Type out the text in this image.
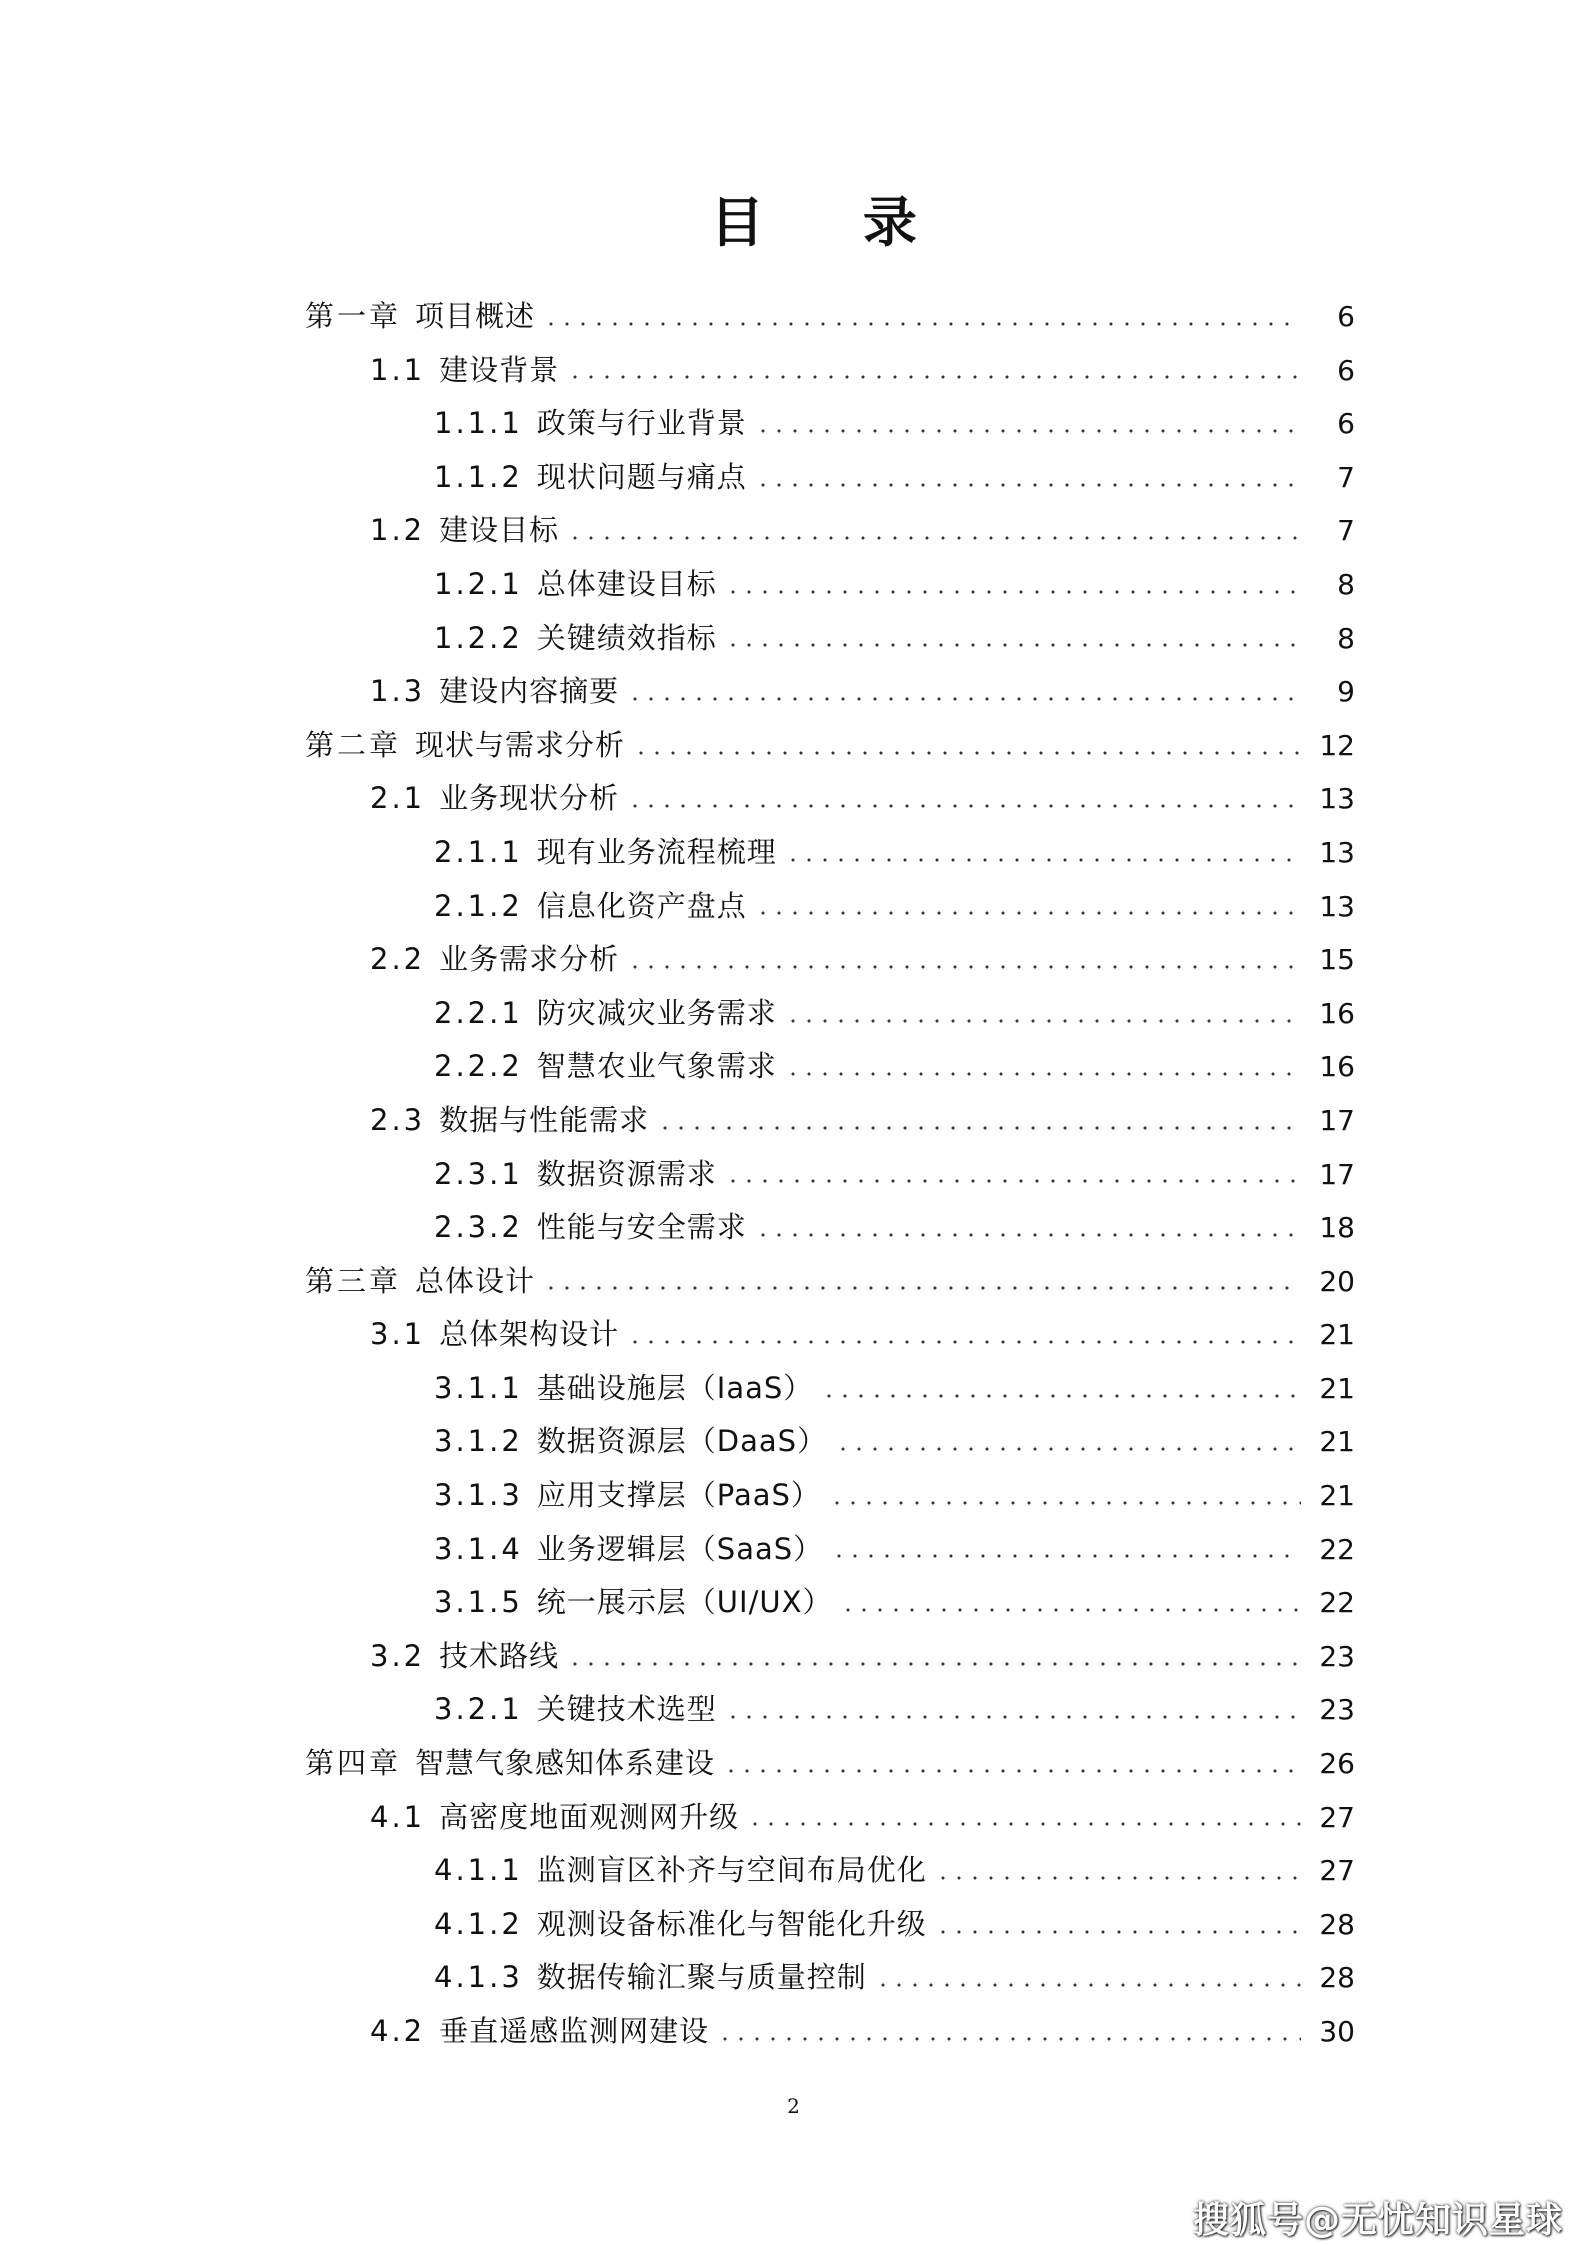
目 录
第一章 项目概述	6
1.1 建设背景	6
1.1.1 政策与行业背景	6
1.1.2 现状问题与痛点	7
1.2 建设目标	7
1.2.1 总体建设目标	8
1.2.2 关键绩效指标	8
1.3 建设内容摘要	9
第二章 现状与需求分析	12
2.1 业务现状分析	13
2.1.1 现有业务流程梳理	13
2.1.2 信息化资产盘点	13
2.2 业务需求分析	15
2.2.1 防灾减灾业务需求	16
2.2.2 智慧农业气象需求	16
2.3 数据与性能需求	17
2.3.1 数据资源需求	17
2.3.2 性能与安全需求	18
第三章 总体设计	20
3.1 总体架构设计	21
3.1.1 基础设施层（IaaS）	21
3.1.2 数据资源层（DaaS）	21
3.1.3 应用支撑层（PaaS）	21
3.1.4 业务逻辑层（SaaS）	22
3.1.5 统一展示层（UI/UX）	22
3.2 技术路线	23
3.2.1 关键技术选型	23
第四章 智慧气象感知体系建设	26
4.1 高密度地面观测网升级	27
4.1.1 监测盲区补齐与空间布局优化	27
4.1.2 观测设备标准化与智能化升级	28
4.1.3 数据传输汇聚与质量控制	28
4.2 垂直遥感监测网建设	30
2
搜狐号@无忧知识星球
